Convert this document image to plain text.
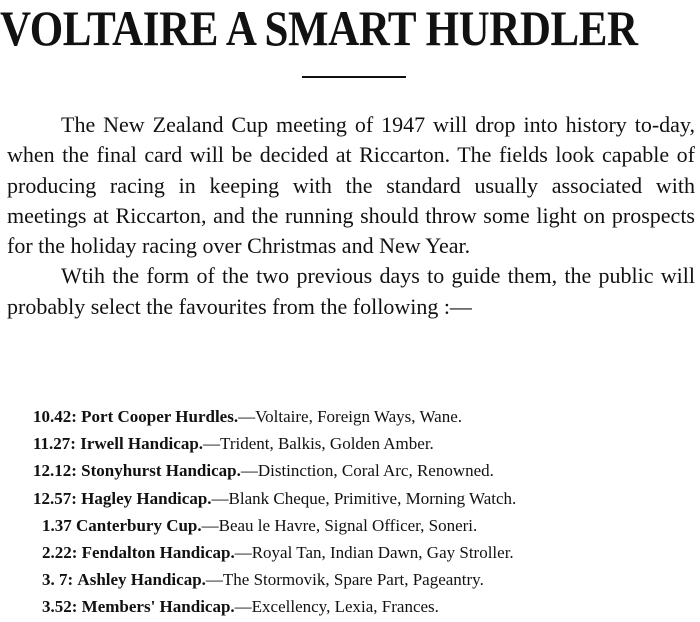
VOLTAIRE A SMART HURDLER

The New Zealand Cup meeting of 1947 will drop into history to-day, when the final card will be decided at Riccarton. The fields look capable of producing racing in keeping with the standard usually associated with meetings at Riccarton, and the running should throw some light on prospects for the holiday racing over Christmas and New Year.

Wtih the form of the two previous days to guide them, the public will probably select the favourites from the following :—

10.42: Port Cooper Hurdles.—Voltaire, Foreign Ways, Wane.
11.27: Irwell Handicap.—Trident, Balkis, Golden Amber.
12.12: Stonyhurst Handicap.—Distinction, Coral Arc, Renowned.
12.57: Hagley Handicap.—Blank Cheque, Primitive, Morning Watch.
1.37 Canterbury Cup.—Beau le Havre, Signal Officer, Soneri.
2.22: Fendalton Handicap.—Royal Tan, Indian Dawn, Gay Stroller.
3. 7: Ashley Handicap.—The Stormovik, Spare Part, Pageantry.
3.52: Members' Handicap.—Excellency, Lexia, Frances.
